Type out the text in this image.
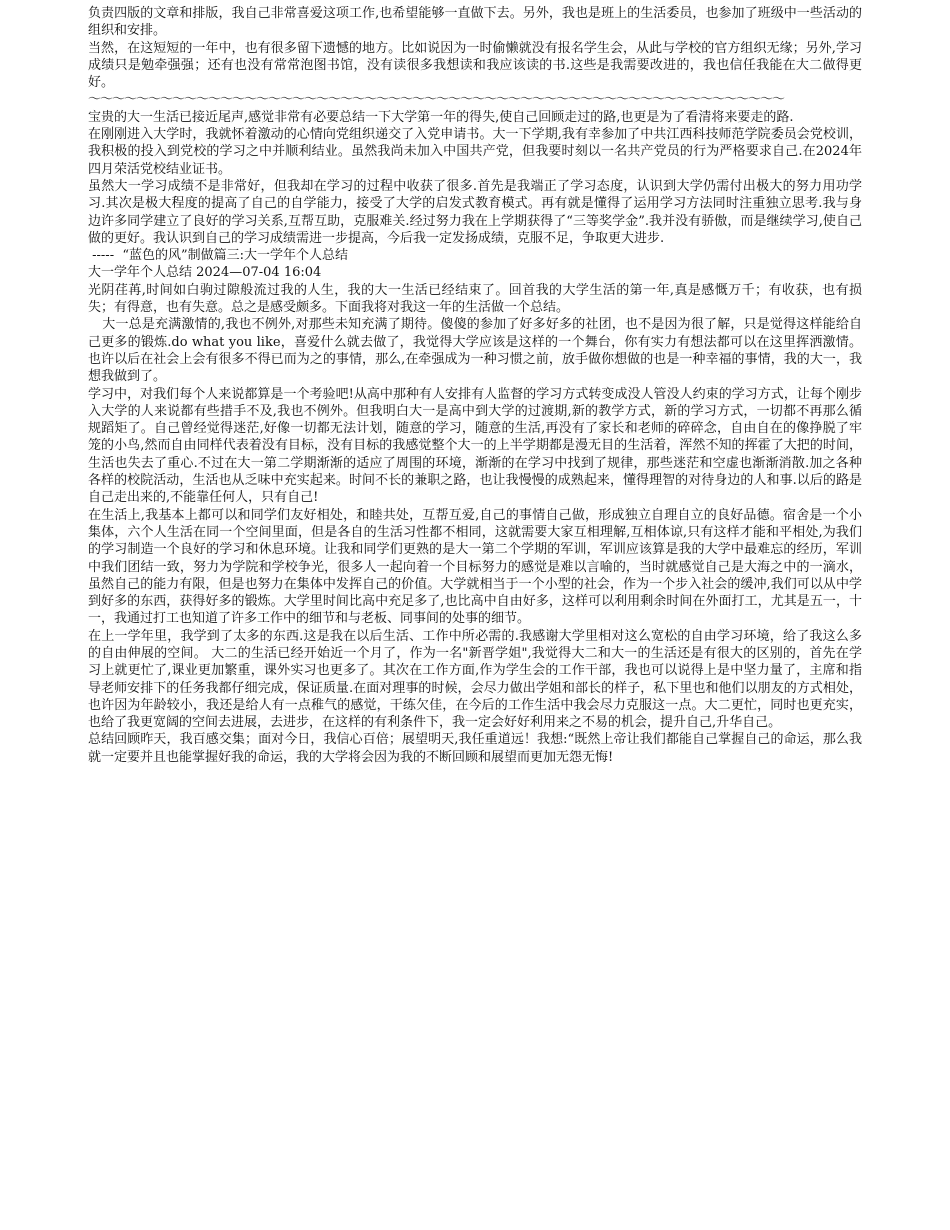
负责四版的文章和排版，我自己非常喜爱这项工作,也希望能够一直做下去。另外，我也是班上的生活委员，也参加了班级中一些活动的组织和安排。

当然，在这短短的一年中，也有很多留下遗憾的地方。比如说因为一时偷懒就没有报名学生会，从此与学校的官方组织无缘；另外,学习成绩只是勉牵强强；还有也没有常常泡图书馆，没有读很多我想读和我应该读的书.这些是我需要改进的，我也信任我能在大二做得更好。

～～～～～～～～～～～～～～～～～～～～～～～～～～～～～～～～～～～～～～～～～～～～～～～～～～～～～～～～～～

宝贵的大一生活已接近尾声,感觉非常有必要总结一下大学第一年的得失,使自己回顾走过的路,也更是为了看清将来要走的路.

在刚刚进入大学时，我就怀着激动的心情向党组织递交了入党申请书。大一下学期,我有幸参加了中共江西科技师范学院委员会党校训，我积极的投入到党校的学习之中并顺利结业。虽然我尚未加入中国共产党，但我要时刻以一名共产党员的行为严格要求自己.在2024年四月荣活党校结业证书。

虽然大一学习成绩不是非常好，但我却在学习的过程中收获了很多.首先是我端正了学习态度，认识到大学仍需付出极大的努力用功学习.其次是极大程度的提高了自己的自学能力，接受了大学的启发式教育模式。再有就是懂得了运用学习方法同时注重独立思考.我与身边许多同学建立了良好的学习关系,互帮互助，克服难关.经过努力我在上学期获得了“三等奖学金”.我并没有骄傲，而是继续学习,使自己做的更好。我认识到自己的学习成绩需进一步提高，今后我一定发扬成绩，克服不足，争取更大进步.

-----  “蓝色的风”制做篇三:大一学年个人总结

大一学年个人总结 2024—07-04 16:04

光阴荏苒,时间如白驹过隙般流过我的人生，我的大一生活已经结束了。回首我的大学生活的第一年,真是感慨万千；有收获，也有损失；有得意，也有失意。总之是感受颇多。下面我将对我这一年的生活做一个总结。

大一总是充满激情的,我也不例外,对那些未知充满了期待。傻傻的参加了好多好多的社团，也不是因为很了解，只是觉得这样能给自己更多的锻炼.do what you like，喜爱什么就去做了，我觉得大学应该是这样的一个舞台，你有实力有想法都可以在这里挥洒激情。也许以后在社会上会有很多不得已而为之的事情，那么,在牵强成为一种习惯之前，放手做你想做的也是一种幸福的事情，我的大一，我想我做到了。

学习中，对我们每个人来说都算是一个考验吧!从高中那种有人安排有人监督的学习方式转变成没人管没人约束的学习方式，让每个刚步入大学的人来说都有些措手不及,我也不例外。但我明白大一是高中到大学的过渡期,新的教学方式，新的学习方式，一切都不再那么循规蹈矩了。自己曾经觉得迷茫,好像一切都无法计划，随意的学习，随意的生活,再没有了家长和老师的碎碎念，自由自在的像挣脱了牢笼的小鸟,然而自由同样代表着没有目标，没有目标的我感觉整个大一的上半学期都是漫无目的生活着，浑然不知的挥霍了大把的时间，生活也失去了重心.不过在大一第二学期渐渐的适应了周围的环境，渐渐的在学习中找到了规律，那些迷茫和空虚也渐渐消散.加之各种各样的校院活动，生活也从乏味中充实起来。时间不长的兼职之路，也让我慢慢的成熟起来，懂得理智的对待身边的人和事.以后的路是自己走出来的,不能靠任何人，只有自己!

在生活上,我基本上都可以和同学们友好相处，和睦共处，互帮互爱,自己的事情自己做，形成独立自理自立的良好品德。宿舍是一个小集体，六个人生活在同一个空间里面，但是各自的生活习性都不相同，这就需要大家互相理解,互相体谅,只有这样才能和平相处,为我们的学习制造一个良好的学习和休息环境。让我和同学们更熟的是大一第二个学期的军训，军训应该算是我的大学中最难忘的经历，军训中我们团结一致，努力为学院和学校争光，很多人一起向着一个目标努力的感觉是难以言喻的，当时就感觉自己是大海之中的一滴水，虽然自己的能力有限，但是也努力在集体中发挥自己的价值。大学就相当于一个小型的社会，作为一个步入社会的缓冲,我们可以从中学到好多的东西，获得好多的锻炼。大学里时间比高中充足多了,也比高中自由好多，这样可以利用剩余时间在外面打工，尤其是五一，十一，我通过打工也知道了许多工作中的细节和与老板、同事间的处事的细节。

在上一学年里，我学到了太多的东西.这是我在以后生活、工作中所必需的.我感谢大学里相对这么宽松的自由学习环境，给了我这么多的自由伸展的空间。 大二的生活已经开始近一个月了，作为一名"新晋学姐",我觉得大二和大一的生活还是有很大的区别的，首先在学习上就更忙了,课业更加繁重，课外实习也更多了。其次在工作方面,作为学生会的工作干部，我也可以说得上是中坚力量了，主席和指导老师安排下的任务我都仔细完成，保证质量.在面对理事的时候，会尽力做出学姐和部长的样子，私下里也和他们以朋友的方式相处，也许因为年龄较小，我还是给人有一点稚气的感觉，干练欠佳，在今后的工作生活中我会尽力克服这一点。大二更忙，同时也更充实，也给了我更宽阔的空间去进展，去进步，在这样的有利条件下，我一定会好好利用来之不易的机会，提升自己,升华自己。

总结回顾昨天，我百感交集；面对今日，我信心百倍；展望明天,我任重道远！我想:“既然上帝让我们都能自己掌握自己的命运，那么我就一定要并且也能掌握好我的命运，我的大学将会因为我的不断回顾和展望而更加无怨无悔!
